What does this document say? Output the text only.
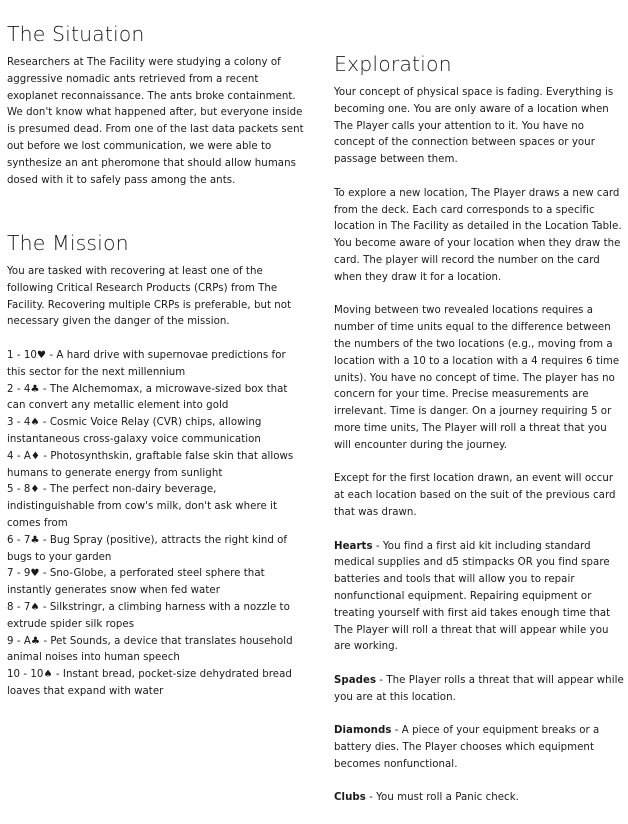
The Situation

Researchers at The Facility were studying a colony of aggressive nomadic ants retrieved from a recent exoplanet reconnaissance. The ants broke containment. We don't know what happened after, but everyone inside is presumed dead. From one of the last data packets sent out before we lost communication, we were able to synthesize an ant pheromone that should allow humans dosed with it to safely pass among the ants.

The Mission

You are tasked with recovering at least one of the following Critical Research Products (CRPs) from The Facility. Recovering multiple CRPs is preferable, but not necessary given the danger of the mission.

1 - 10♥ - A hard drive with supernovae predictions for this sector for the next millennium

2 - 4♣ - The Alchemomax, a microwave-sized box that can convert any metallic element into gold

3 - 4♠ - Cosmic Voice Relay (CVR) chips, allowing instantaneous cross-galaxy voice communication

4 - A♦ - Photosynthskin, graftable false skin that allows humans to generate energy from sunlight

5 - 8♦ - The perfect non-dairy beverage, indistinguishable from cow's milk, don't ask where it comes from

6 - 7♣ - Bug Spray (positive), attracts the right kind of bugs to your garden

7 - 9♥ - Sno-Globe, a perforated steel sphere that instantly generates snow when fed water

8 - 7♠ - Silkstringr, a climbing harness with a nozzle to extrude spider silk ropes

9 - A♣ - Pet Sounds, a device that translates household animal noises into human speech

10 - 10♠ - Instant bread, pocket-size dehydrated bread loaves that expand with water

Exploration

Your concept of physical space is fading. Everything is becoming one. You are only aware of a location when The Player calls your attention to it. You have no concept of the connection between spaces or your passage between them.

To explore a new location, The Player draws a new card from the deck. Each card corresponds to a specific location in The Facility as detailed in the Location Table. You become aware of your location when they draw the card. The player will record the number on the card when they draw it for a location.

Moving between two revealed locations requires a number of time units equal to the difference between the numbers of the two locations (e.g., moving from a location with a 10 to a location with a 4 requires 6 time units). You have no concept of time. The player has no concern for your time. Precise measurements are irrelevant. Time is danger. On a journey requiring 5 or more time units, The Player will roll a threat that you will encounter during the journey.

Except for the first location drawn, an event will occur at each location based on the suit of the previous card that was drawn.

Hearts - You find a first aid kit including standard medical supplies and d5 stimpacks OR you find spare batteries and tools that will allow you to repair nonfunctional equipment. Repairing equipment or treating yourself with first aid takes enough time that The Player will roll a threat that will appear while you are working.

Spades - The Player rolls a threat that will appear while you are at this location.

Diamonds - A piece of your equipment breaks or a battery dies. The Player chooses which equipment becomes nonfunctional.

Clubs - You must roll a Panic check.
